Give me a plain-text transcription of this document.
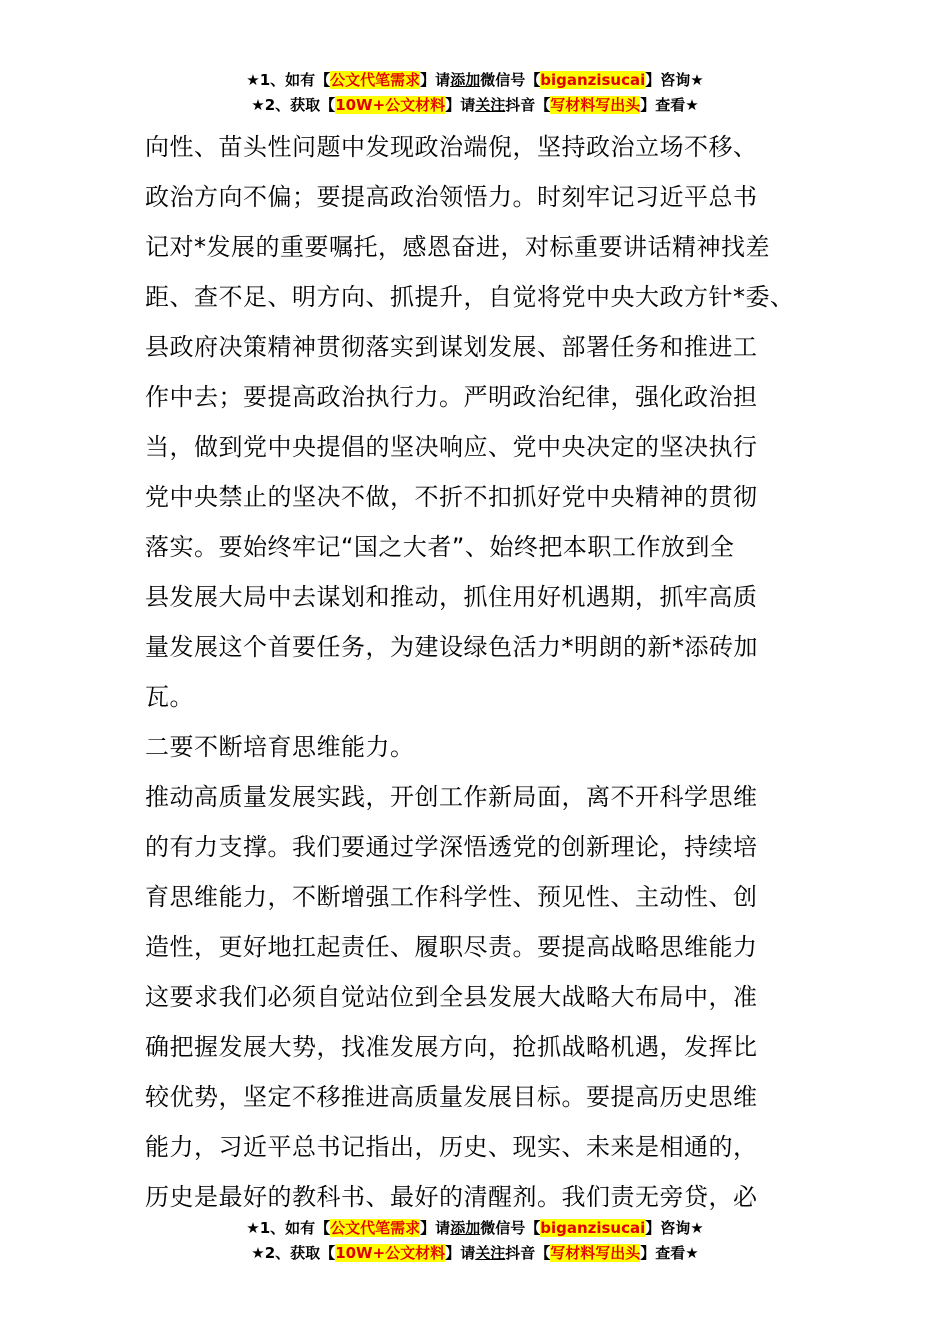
★1、如有【公文代笔需求】请添加微信号【biganzisucai】咨询★
★2、获取【10W+公文材料】请关注抖音【写材料写出头】查看★
向性、苗头性问题中发现政治端倪，坚持政治立场不移、
政治方向不偏；要提高政治领悟力。时刻牢记习近平总书
记对*发展的重要嘱托，感恩奋进，对标重要讲话精神找差
距、查不足、明方向、抓提升，自觉将党中央大政方针*委、
县政府决策精神贯彻落实到谋划发展、部署任务和推进工
作中去；要提高政治执行力。严明政治纪律，强化政治担
当，做到党中央提倡的坚决响应、党中央决定的坚决执行
党中央禁止的坚决不做，不折不扣抓好党中央精神的贯彻
落实。要始终牢记“国之大者”、始终把本职工作放到全
县发展大局中去谋划和推动，抓住用好机遇期，抓牢高质
量发展这个首要任务，为建设绿色活力*明朗的新*添砖加
瓦。
二要不断培育思维能力。
推动高质量发展实践，开创工作新局面，离不开科学思维
的有力支撑。我们要通过学深悟透党的创新理论，持续培
育思维能力，不断增强工作科学性、预见性、主动性、创
造性，更好地扛起责任、履职尽责。要提高战略思维能力
这要求我们必须自觉站位到全县发展大战略大布局中，准
确把握发展大势，找准发展方向，抢抓战略机遇，发挥比
较优势，坚定不移推进高质量发展目标。要提高历史思维
能力，习近平总书记指出，历史、现实、未来是相通的，
历史是最好的教科书、最好的清醒剂。我们责无旁贷，必
★1、如有【公文代笔需求】请添加微信号【biganzisucai】咨询★
★2、获取【10W+公文材料】请关注抖音【写材料写出头】查看★
